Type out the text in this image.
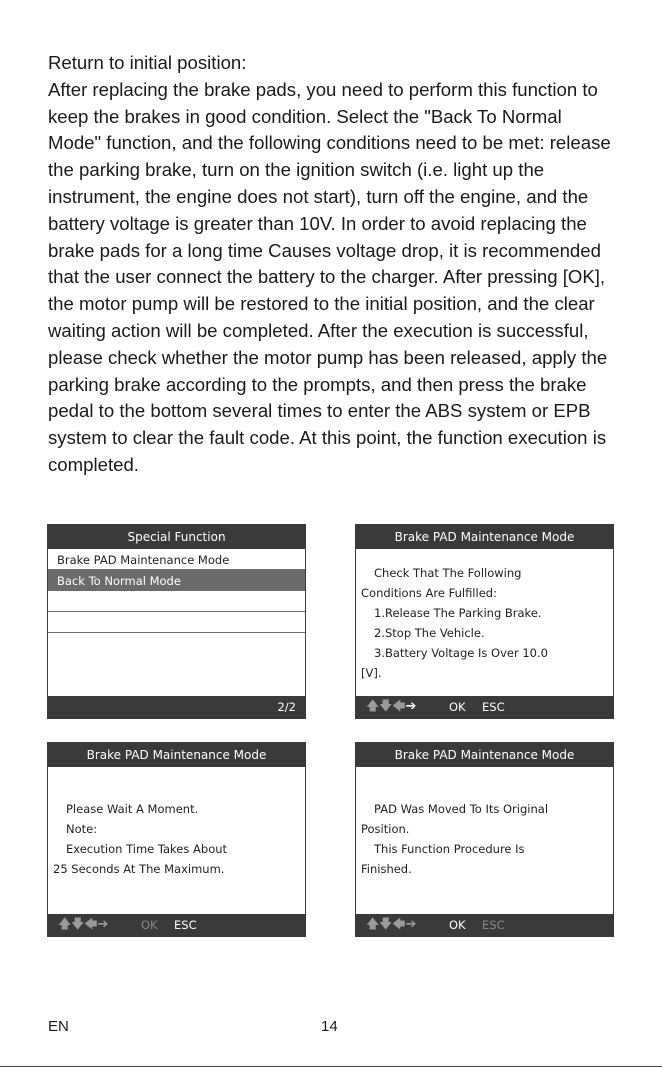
Return to initial position:

After replacing the brake pads, you need to perform this function to keep the brakes in good condition. Select the "Back To Normal Mode" function, and the following conditions need to be met: release the parking brake, turn on the ignition switch (i.e. light up the instrument, the engine does not start), turn off the engine, and the battery voltage is greater than 10V. In order to avoid replacing the brake pads for a long time Causes voltage drop, it is recommended that the user connect the battery to the charger. After pressing [OK], the motor pump will be restored to the initial position, and the clear waiting action will be completed. After the execution is successful, please check whether the motor pump has been released, apply the parking brake according to the prompts, and then press the brake pedal to the bottom several times to enter the ABS system or EPB system to clear the fault code. At this point, the function execution is completed.

Special Function
Brake PAD Maintenance Mode
Back To Normal Mode
2/2
Brake PAD Maintenance Mode
Check That The Following
Conditions Are Fulfilled:
1.Release The Parking Brake.
2.Stop The Vehicle.
3.Battery Voltage Is Over 10.0
[V].
🡅 🡇 🡄 ➔	OK ESC
Brake PAD Maintenance Mode
Please Wait A Moment.
Note:
Execution Time Takes About
25 Seconds At The Maximum.
🡅 🡇 🡄 ➔	OK ESC
Brake PAD Maintenance Mode
PAD Was Moved To Its Original
Position.
This Function Procedure Is
Finished.
🡅 🡇 🡄 ➔	OK ESC
EN	14
